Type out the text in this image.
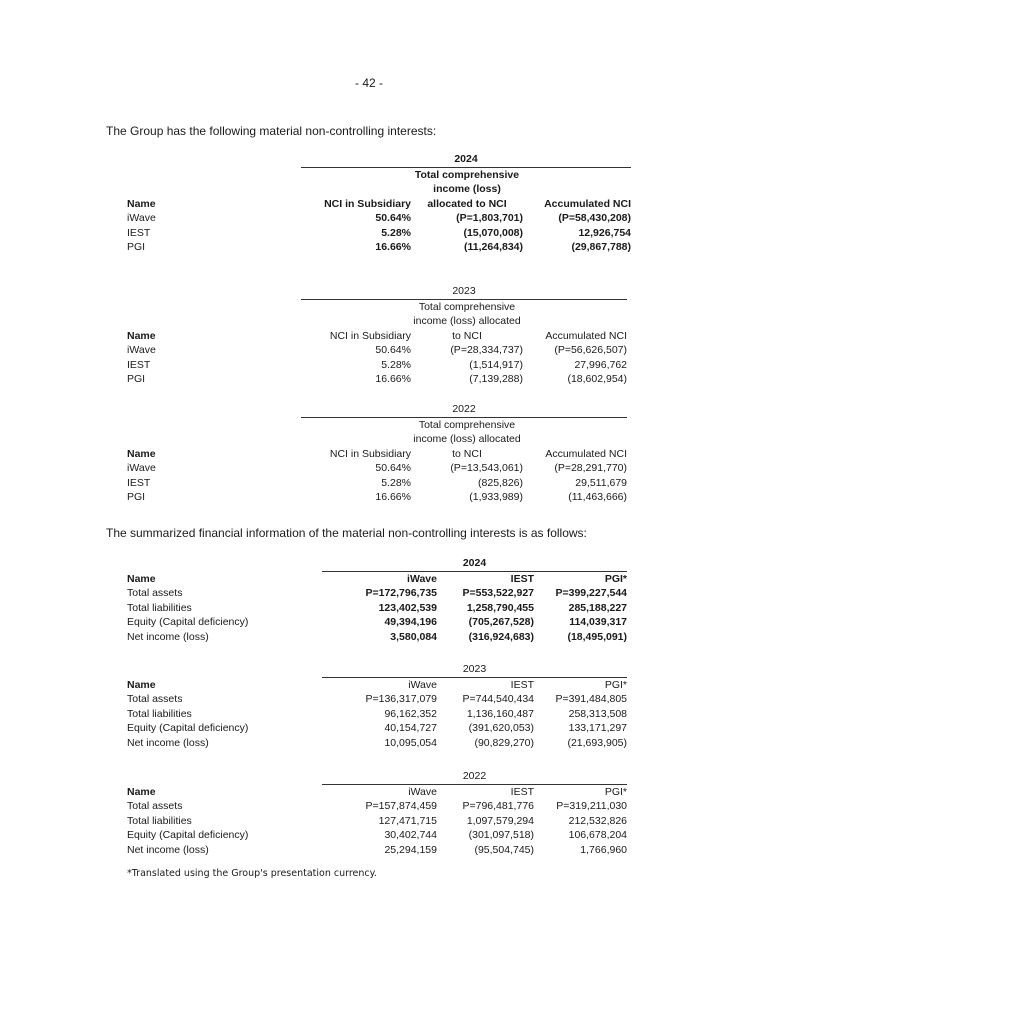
- 42 -
The Group has the following material non-controlling interests:
	2024		
Name	NCI in Subsidiary	Total comprehensive income (loss) allocated to NCI	Accumulated NCI
iWave	50.64%	(P=1,803,701)	(P=58,430,208)
IEST	5.28%	(15,070,008)	12,926,754
PGI	16.66%	(11,264,834)	(29,867,788)
	2023		
Name	NCI in Subsidiary	Total comprehensive income (loss) allocated to NCI	Accumulated NCI
iWave	50.64%	(P=28,334,737)	(P=56,626,507)
IEST	5.28%	(1,514,917)	27,996,762
PGI	16.66%	(7,139,288)	(18,602,954)
	2022		
Name	NCI in Subsidiary	Total comprehensive income (loss) allocated to NCI	Accumulated NCI
iWave	50.64%	(P=13,543,061)	(P=28,291,770)
IEST	5.28%	(825,826)	29,511,679
PGI	16.66%	(1,933,989)	(11,463,666)
The summarized financial information of the material non-controlling interests is as follows:
	2024		
Name	iWave	IEST	PGI*
Total assets	P=172,796,735	P=553,522,927	P=399,227,544
Total liabilities	123,402,539	1,258,790,455	285,188,227
Equity (Capital deficiency)	49,394,196	(705,267,528)	114,039,317
Net income (loss)	3,580,084	(316,924,683)	(18,495,091)
	2023		
Name	iWave	IEST	PGI*
Total assets	P=136,317,079	P=744,540,434	P=391,484,805
Total liabilities	96,162,352	1,136,160,487	258,313,508
Equity (Capital deficiency)	40,154,727	(391,620,053)	133,171,297
Net income (loss)	10,095,054	(90,829,270)	(21,693,905)
	2022		
Name	iWave	IEST	PGI*
Total assets	P=157,874,459	P=796,481,776	P=319,211,030
Total liabilities	127,471,715	1,097,579,294	212,532,826
Equity (Capital deficiency)	30,402,744	(301,097,518)	106,678,204
Net income (loss)	25,294,159	(95,504,745)	1,766,960
*Translated using the Group's presentation currency.
